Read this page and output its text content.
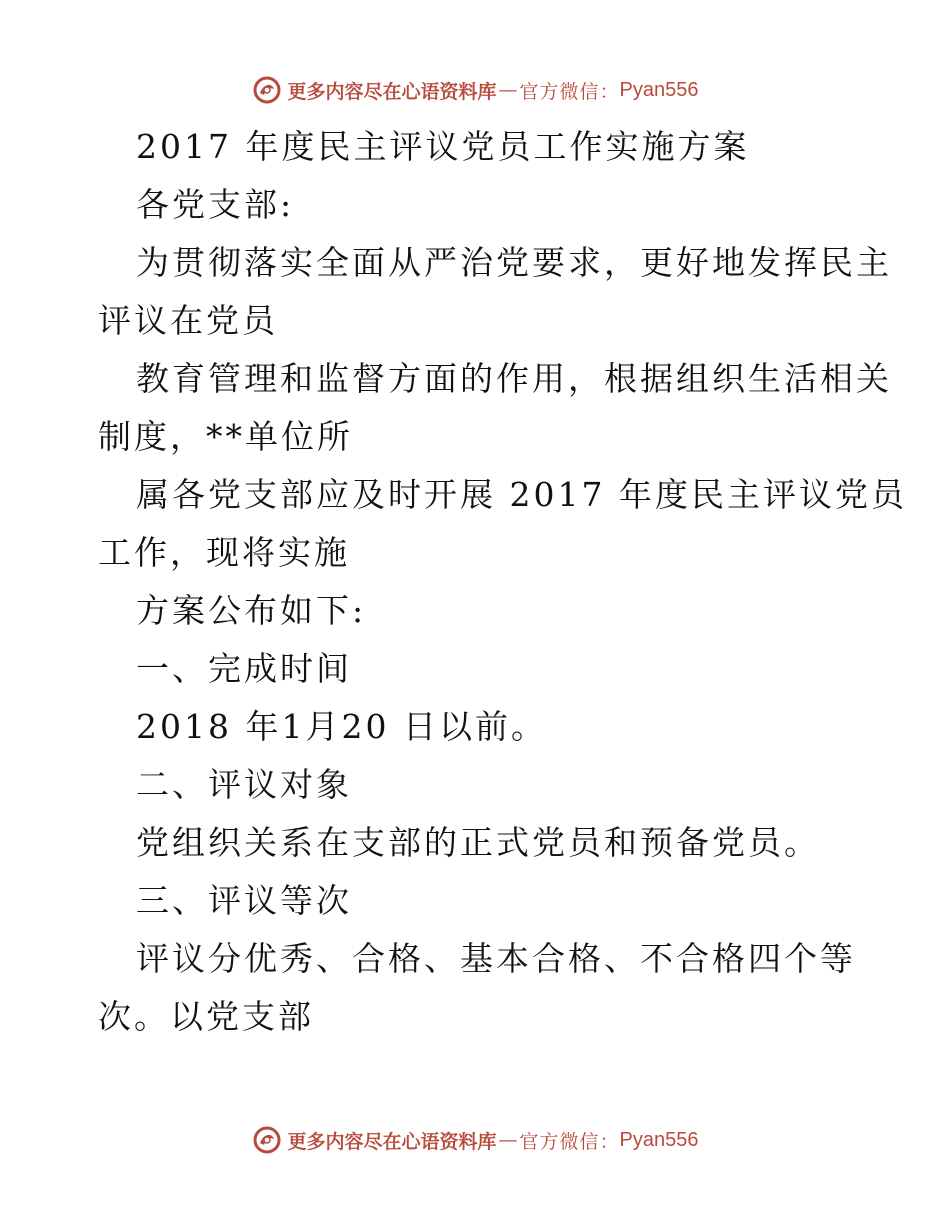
更多内容尽在心语资料库 — 官方微信： Pyan556
2017 年度民主评议党员工作实施方案
各党支部:
为贯彻落实全面从严治党要求，更好地发挥民主
评议在党员
教育管理和监督方面的作用，根据组织生活相关
制度，**单位所
属各党支部应及时开展 2017 年度民主评议党员
工作，现将实施
方案公布如下:
一、完成时间
2018 年1月20 日以前。
二、评议对象
党组织关系在支部的正式党员和预备党员。
三、评议等次
评议分优秀、合格、基本合格、不合格四个等
次。以党支部
更多内容尽在心语资料库 — 官方微信： Pyan556
